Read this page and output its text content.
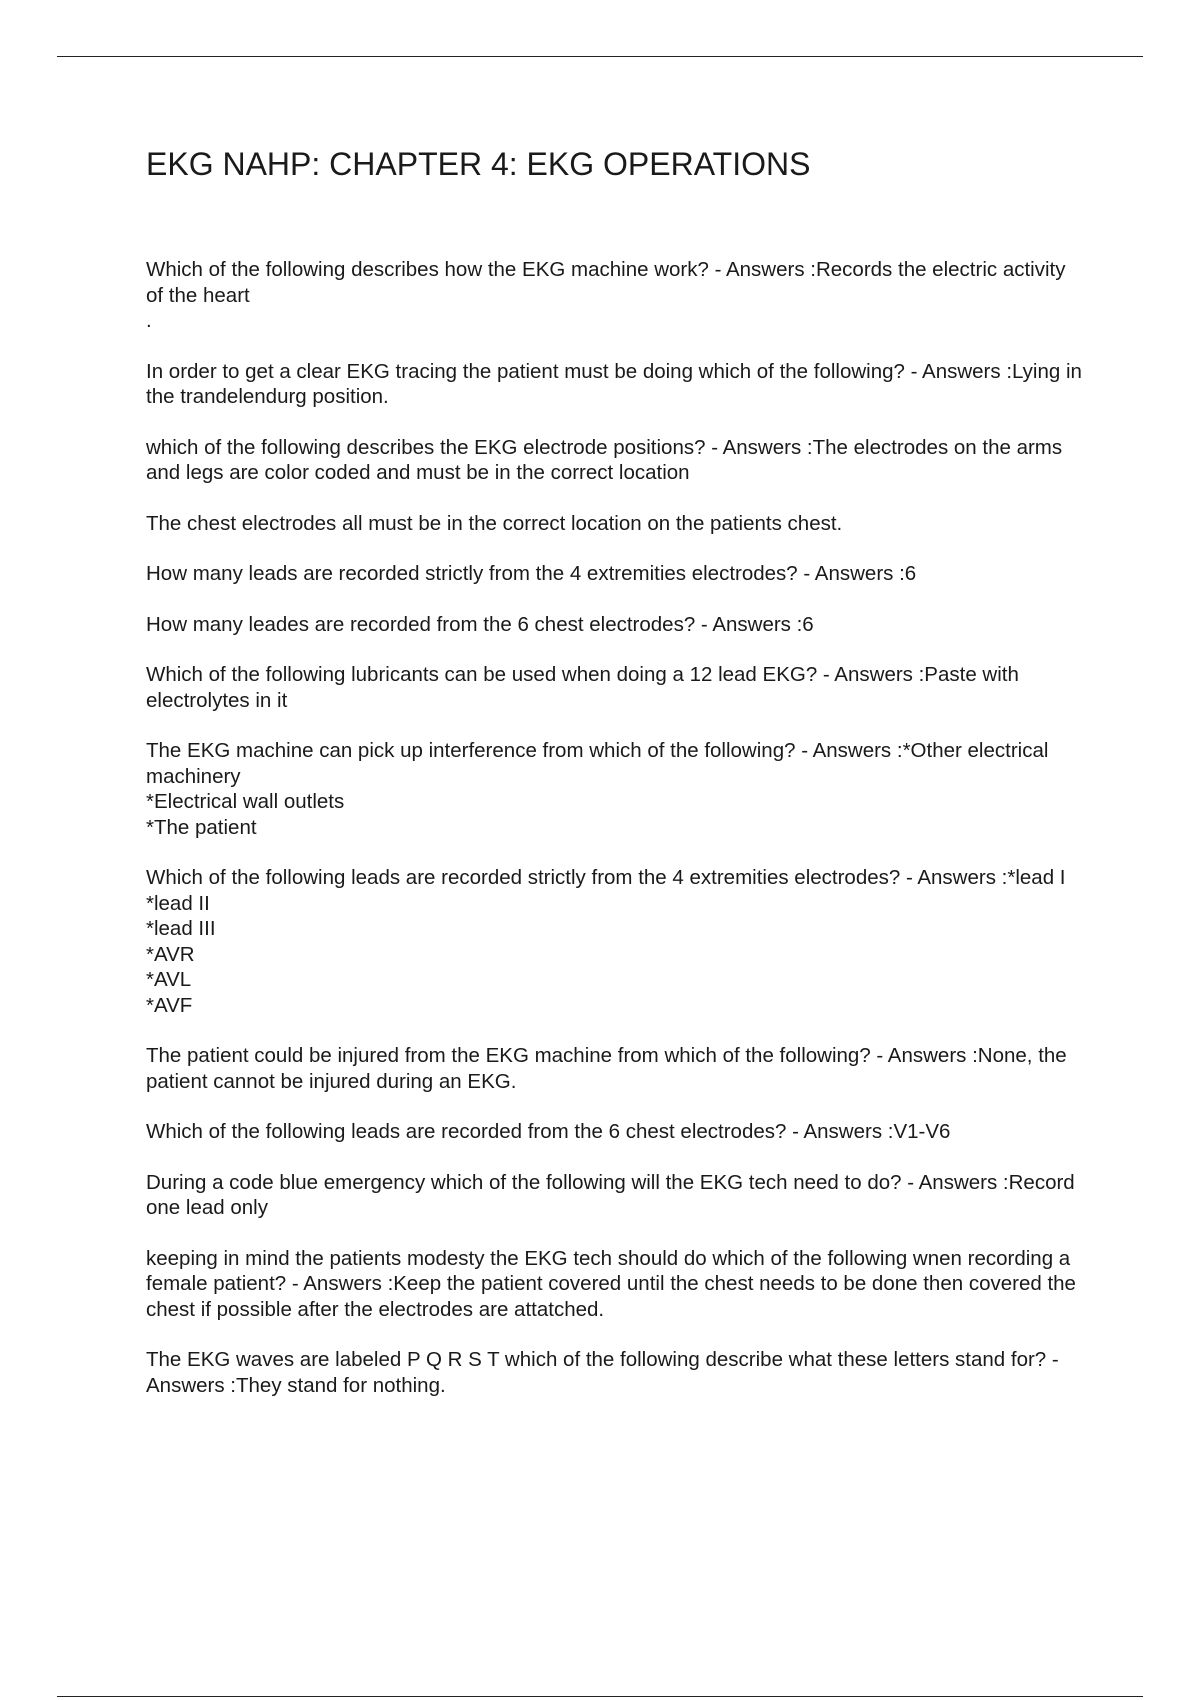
EKG NAHP: CHAPTER 4: EKG OPERATIONS

Which of the following describes how the EKG machine work? - Answers :Records the electric activity of the heart
.

In order to get a clear EKG tracing the patient must be doing which of the following? - Answers :Lying in the trandelendurg position.

which of the following describes the EKG electrode positions? - Answers :The electrodes on the arms and legs are color coded and must be in the correct location

The chest electrodes all must be in the correct location on the patients chest.

How many leads are recorded strictly from the 4 extremities electrodes? - Answers :6

How many leades are recorded from the 6 chest electrodes? - Answers :6

Which of the following lubricants can be used when doing a 12 lead EKG? - Answers :Paste with electrolytes in it

The EKG machine can pick up interference from which of the following? - Answers :*Other electrical machinery
*Electrical wall outlets
*The patient

Which of the following leads are recorded strictly from the 4 extremities electrodes? - Answers :*lead I
*lead II
*lead III
*AVR
*AVL
*AVF

The patient could be injured from the EKG machine from which of the following? - Answers :None, the patient cannot be injured during an EKG.

Which of the following leads are recorded from the 6 chest electrodes? - Answers :V1-V6

During a code blue emergency which of the following will the EKG tech need to do? - Answers :Record one lead only

keeping in mind the patients modesty the EKG tech should do which of the following wnen recording a female patient? - Answers :Keep the patient covered until the chest needs to be done then covered the chest if possible after the electrodes are attatched.

The EKG waves are labeled P Q R S T which of the following describe what these letters stand for? - Answers :They stand for nothing.
